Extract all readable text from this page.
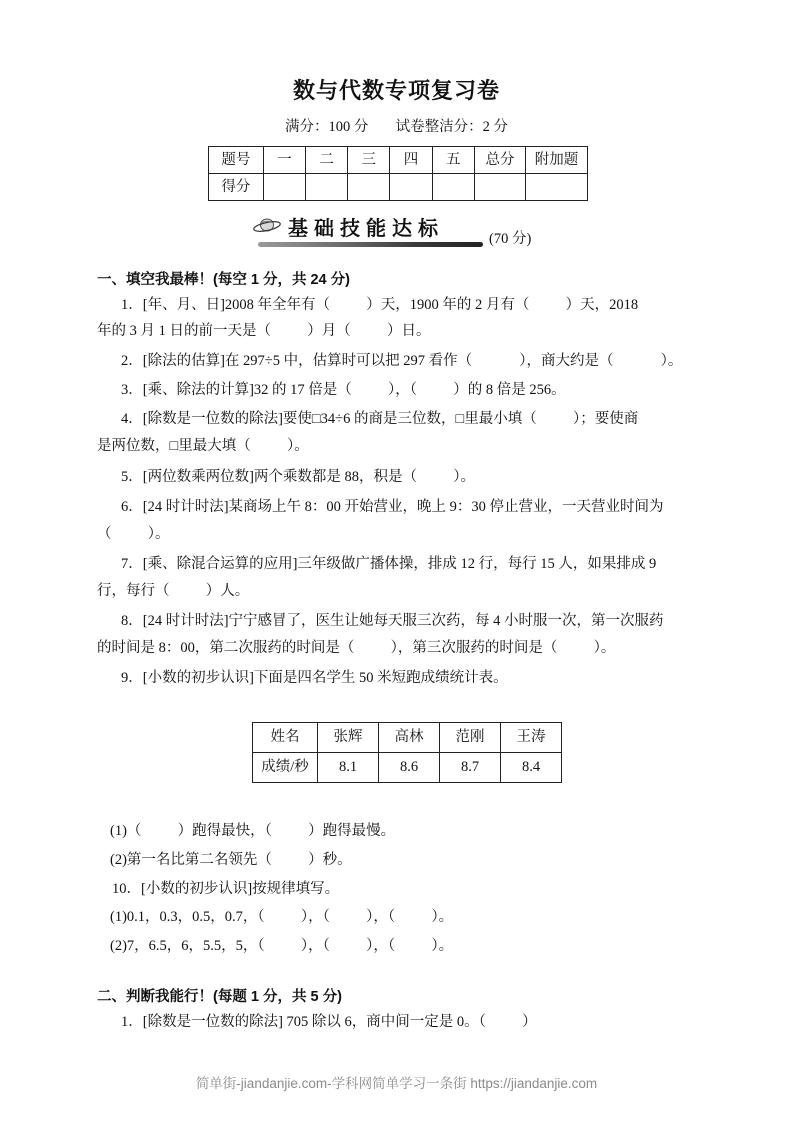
数与代数专项复习卷
满分：100 分 试卷整洁分：2 分
题号	一	二	三	四	五	总分	附加题
得分							
基础技能达标	(70 分)
一、填空我最棒！(每空 1 分，共 24 分)
1．[年、月、日]2008 年全年有（          ）天，1900 年的 2 月有（          ）天，2018
年的 3 月 1 日的前一天是（          ）月（          ）日。
2．[除法的估算]在 297÷5 中，估算时可以把 297 看作（             ），商大约是（             ）。
3．[乘、除法的计算]32 的 17 倍是（          ），（          ）的 8 倍是 256。
4．[除数是一位数的除法]要使□34÷6 的商是三位数，□里最小填（          ）；要使商
是两位数，□里最大填（          ）。
5．[两位数乘两位数]两个乘数都是 88，积是（          ）。
6．[24 时计时法]某商场上午 8：00 开始营业，晚上 9：30 停止营业，一天营业时间为
（          ）。
7．[乘、除混合运算的应用]三年级做广播体操，排成 12 行，每行 15 人，如果排成 9
行，每行（          ）人。
8．[24 时计时法]宁宁感冒了，医生让她每天服三次药，每 4 小时服一次，第一次服药
的时间是 8：00，第二次服药的时间是（          ），第三次服药的时间是（          ）。
9．[小数的初步认识]下面是四名学生 50 米短跑成绩统计表。
姓名	张辉	高林	范刚	王涛
成绩/秒	8.1	8.6	8.7	8.4
(1)（          ）跑得最快，（          ）跑得最慢。
(2)第一名比第二名领先（          ）秒。
10．[小数的初步认识]按规律填写。
(1)0.1，0.3，0.5，0.7，（          ），（          ），（          ）。
(2)7，6.5，6，5.5，5，（          ），（          ），（          ）。
二、判断我能行！(每题 1 分，共 5 分)
1．[除数是一位数的除法] 705 除以 6，商中间一定是 0。（          ）
简单街-jiandanjie.com-学科网简单学习一条街 https://jiandanjie.com
